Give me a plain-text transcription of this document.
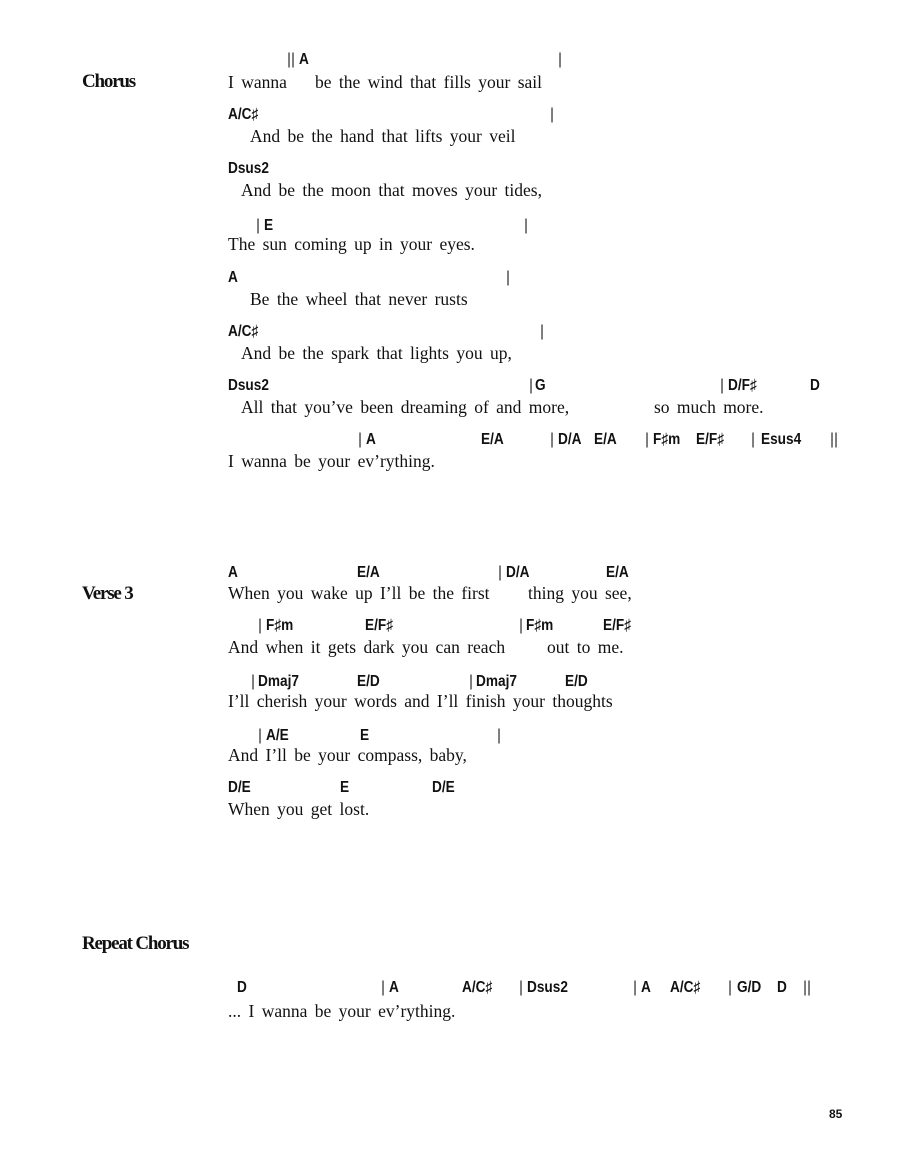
Chorus
Verse 3
Repeat Chorus
|| A	|
I wanna be the wind that fills your sail
A/C♯	|
And be the hand that lifts your veil
Dsus2
And be the moon that moves your tides,
| E	|
The sun coming up in your eyes.
A	|
Be the wheel that never rusts
A/C♯	|
And be the spark that lights you up,
Dsus2	| G	| D/F♯	D
All that you’ve been dreaming of and more,	so much more.
| A	E/A	| D/A E/A | F♯m E/F♯ | Esus4 ||
I wanna be your ev’rything.
A	E/A	| D/A	E/A
When you wake up I’ll be the first thing you see,
| F♯m	E/F♯	| F♯m	E/F♯
And when it gets dark you can reach out to me.
| Dmaj7	E/D	| Dmaj7	E/D
I’ll cherish your words and I’ll finish your thoughts
| A/E	E	|
And I’ll be your compass, baby,
D/E	E	D/E
When you get lost.
D	| A	A/C♯ | Dsus2	| A A/C♯ | G/D D ||
... I wanna be your ev’rything.
85
